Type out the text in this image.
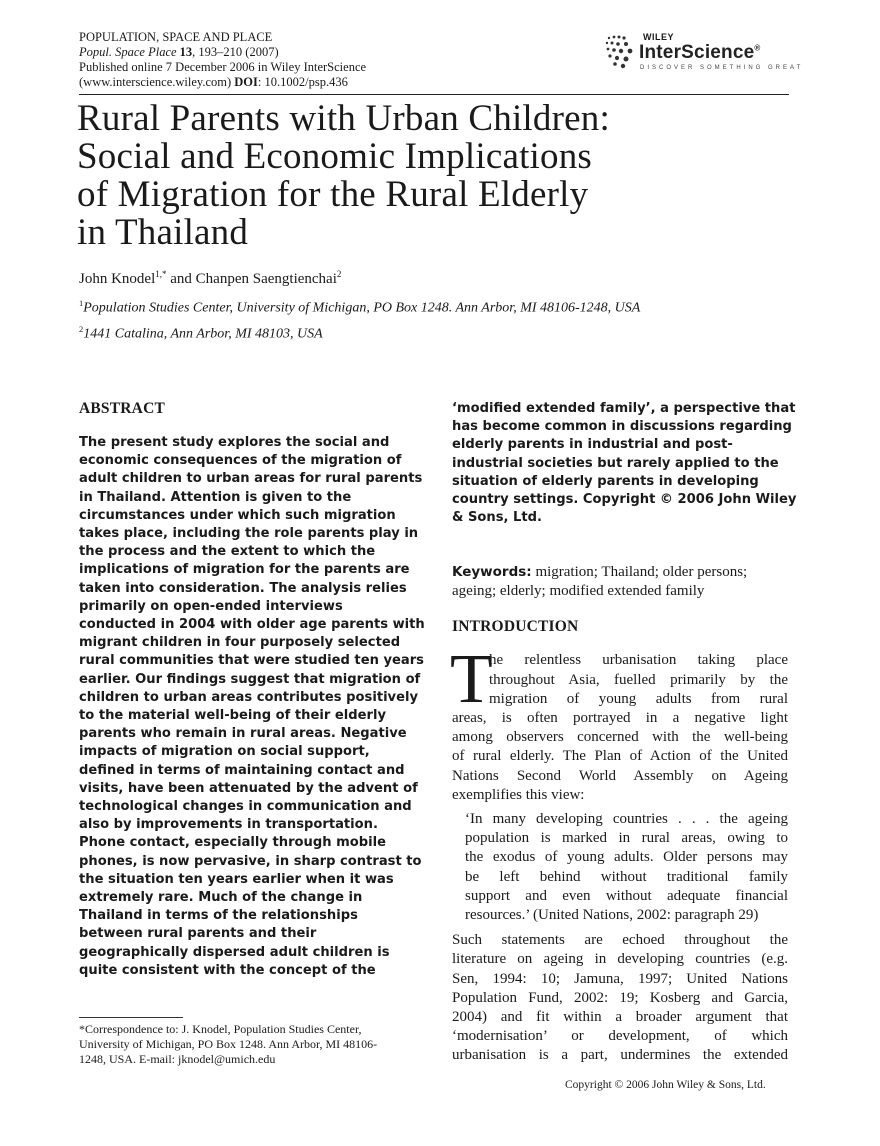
POPULATION, SPACE AND PLACE
Popul. Space Place 13, 193–210 (2007)
Published online 7 December 2006 in Wiley InterScience
(www.interscience.wiley.com) DOI: 10.1002/psp.436
WILEY
InterScience®
DISCOVER SOMETHING GREAT
Rural Parents with Urban Children:
Social and Economic Implications
of Migration for the Rural Elderly
in Thailand
John Knodel$^{1,*}$ and Chanpen Saengtienchai$^2$
$^1$Population Studies Center, University of Michigan, PO Box 1248. Ann Arbor, MI 48106-1248, USA
$^2$1441 Catalina, Ann Arbor, MI 48103, USA
ABSTRACT
The present study explores the social and
economic consequences of the migration of
adult children to urban areas for rural parents
in Thailand. Attention is given to the
circumstances under which such migration
takes place, including the role parents play in
the process and the extent to which the
implications of migration for the parents are
taken into consideration. The analysis relies
primarily on open-ended interviews
conducted in 2004 with older age parents with
migrant children in four purposely selected
rural communities that were studied ten years
earlier. Our findings suggest that migration of
children to urban areas contributes positively
to the material well-being of their elderly
parents who remain in rural areas. Negative
impacts of migration on social support,
defined in terms of maintaining contact and
visits, have been attenuated by the advent of
technological changes in communication and
also by improvements in transportation.
Phone contact, especially through mobile
phones, is now pervasive, in sharp contrast to
the situation ten years earlier when it was
extremely rare. Much of the change in
Thailand in terms of the relationships
between rural parents and their
geographically dispersed adult children is
quite consistent with the concept of the
‘modified extended family’, a perspective that
has become common in discussions regarding
elderly parents in industrial and post-
industrial societies but rarely applied to the
situation of elderly parents in developing
country settings. Copyright © 2006 John Wiley
& Sons, Ltd.
Keywords: migration; Thailand; older persons;
ageing; elderly; modified extended family
INTRODUCTION
T
he relentless urbanisation taking place
throughout Asia, fuelled primarily by the
migration of young adults from rural
areas, is often portrayed in a negative light
among observers concerned with the well-being
of rural elderly. The Plan of Action of the United
Nations Second World Assembly on Ageing
exemplifies this view:
‘In many developing countries . . . the ageing
population is marked in rural areas, owing to
the exodus of young adults. Older persons may
be left behind without traditional family
support and even without adequate financial
resources.’ (United Nations, 2002: paragraph 29)
Such statements are echoed throughout the
literature on ageing in developing countries (e.g.
Sen, 1994: 10; Jamuna, 1997; United Nations
Population Fund, 2002: 19; Kosberg and Garcia,
2004) and fit within a broader argument that
‘modernisation’ or development, of which
urbanisation is a part, undermines the extended
*Correspondence to: J. Knodel, Population Studies Center,
University of Michigan, PO Box 1248. Ann Arbor, MI 48106-
1248, USA. E-mail: jknodel@umich.edu
Copyright © 2006 John Wiley & Sons, Ltd.
